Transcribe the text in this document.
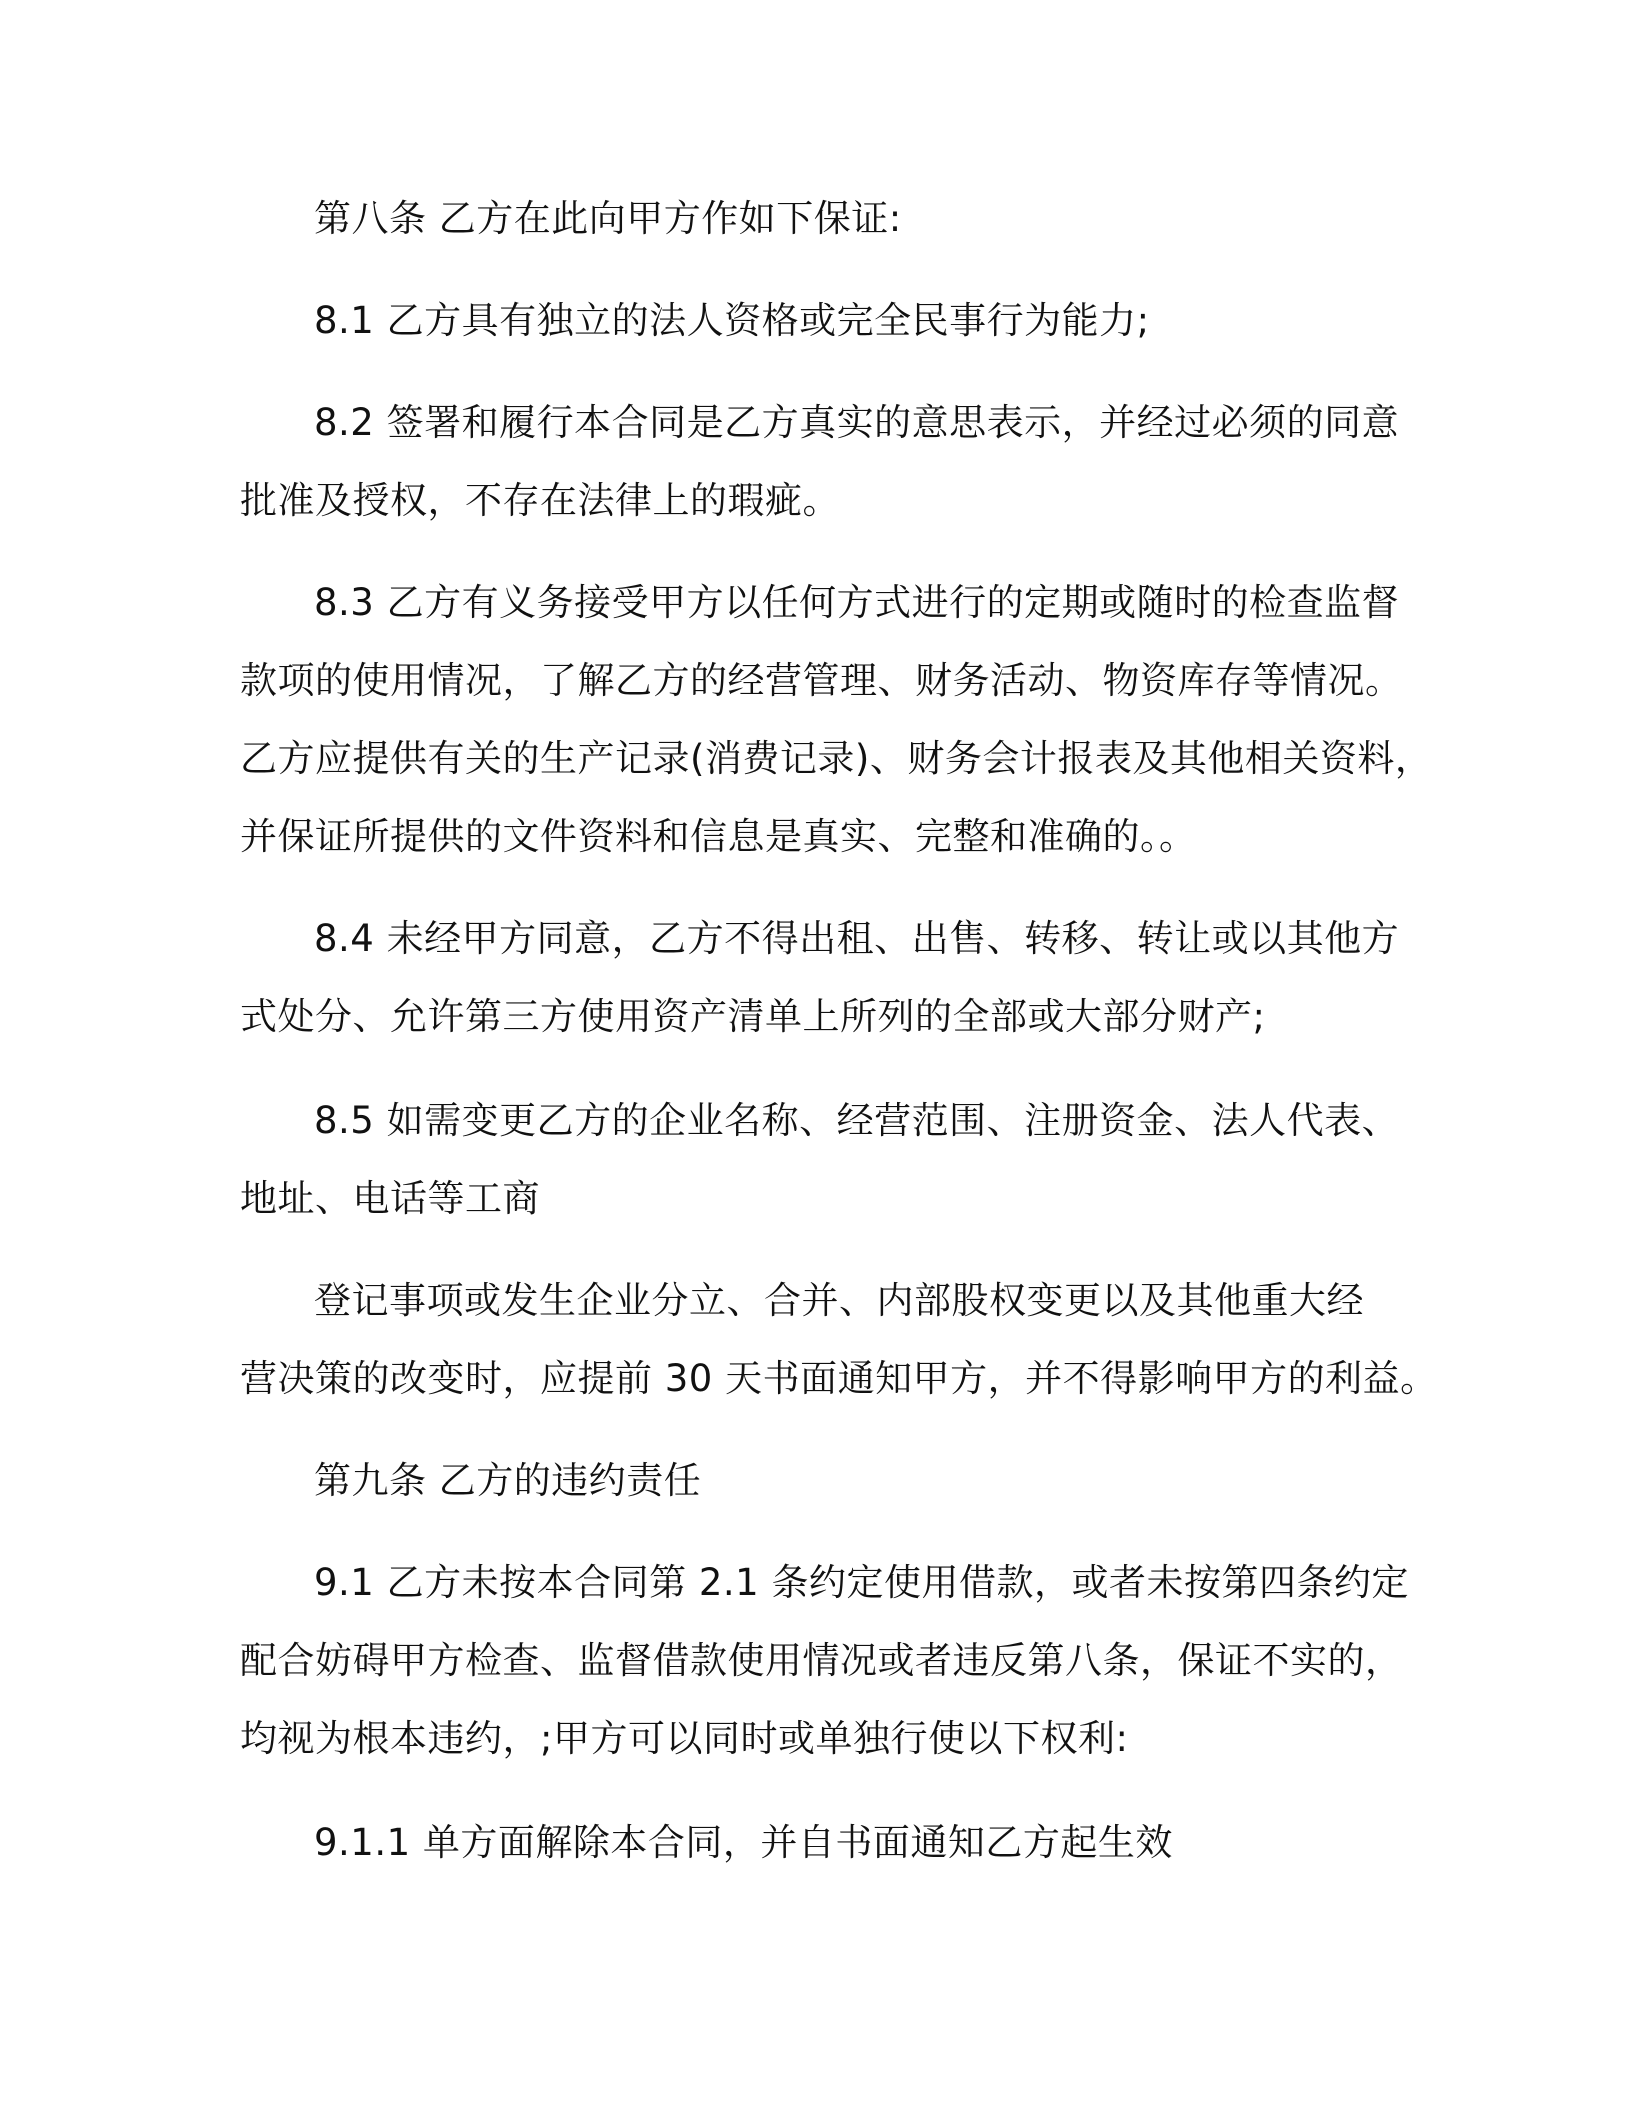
第八条 乙方在此向甲方作如下保证:
8.1 乙方具有独立的法人资格或完全民事行为能力;
8.2 签署和履行本合同是乙方真实的意思表示，并经过必须的同意
批准及授权，不存在法律上的瑕疵。
8.3 乙方有义务接受甲方以任何方式进行的定期或随时的检查监督
款项的使用情况，了解乙方的经营管理、财务活动、物资库存等情况。
乙方应提供有关的生产记录(消费记录)、财务会计报表及其他相关资料，
并保证所提供的文件资料和信息是真实、完整和准确的。。
8.4 未经甲方同意，乙方不得出租、出售、转移、转让或以其他方
式处分、允许第三方使用资产清单上所列的全部或大部分财产;
8.5 如需变更乙方的企业名称、经营范围、注册资金、法人代表、
地址、电话等工商
登记事项或发生企业分立、合并、内部股权变更以及其他重大经
营决策的改变时，应提前 30 天书面通知甲方，并不得影响甲方的利益。
第九条 乙方的违约责任
9.1 乙方未按本合同第 2.1 条约定使用借款，或者未按第四条约定
配合妨碍甲方检查、监督借款使用情况或者违反第八条，保证不实的，
均视为根本违约，;甲方可以同时或单独行使以下权利:
9.1.1 单方面解除本合同，并自书面通知乙方起生效
